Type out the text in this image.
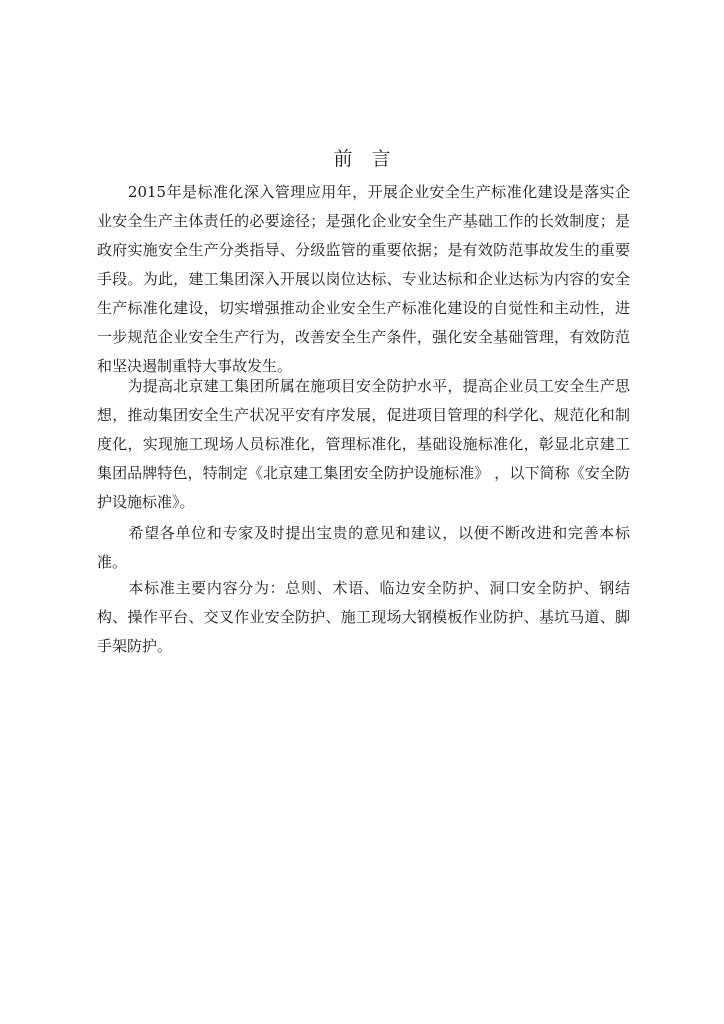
前　言

　　2015年是标准化深入管理应用年，开展企业安全生产标准化建设是落实企业安全生产主体责任的必要途径；是强化企业安全生产基础工作的长效制度；是政府实施安全生产分类指导、分级监管的重要依据；是有效防范事故发生的重要手段。为此，建工集团深入开展以岗位达标、专业达标和企业达标为内容的安全生产标准化建设，切实增强推动企业安全生产标准化建设的自觉性和主动性，进一步规范企业安全生产行为，改善安全生产条件，强化安全基础管理，有效防范和坚决遏制重特大事故发生。

　　为提高北京建工集团所属在施项目安全防护水平，提高企业员工安全生产思想，推动集团安全生产状况平安有序发展，促进项目管理的科学化、规范化和制度化，实现施工现场人员标准化，管理标准化，基础设施标准化，彰显北京建工集团品牌特色，特制定《北京建工集团安全防护设施标准》 ，以下简称《安全防护设施标准》。

　　希望各单位和专家及时提出宝贵的意见和建议，以便不断改进和完善本标准。

　　本标准主要内容分为：总则、术语、临边安全防护、洞口安全防护、钢结构、操作平台、交叉作业安全防护、施工现场大钢模板作业防护、基坑马道、脚手架防护。
